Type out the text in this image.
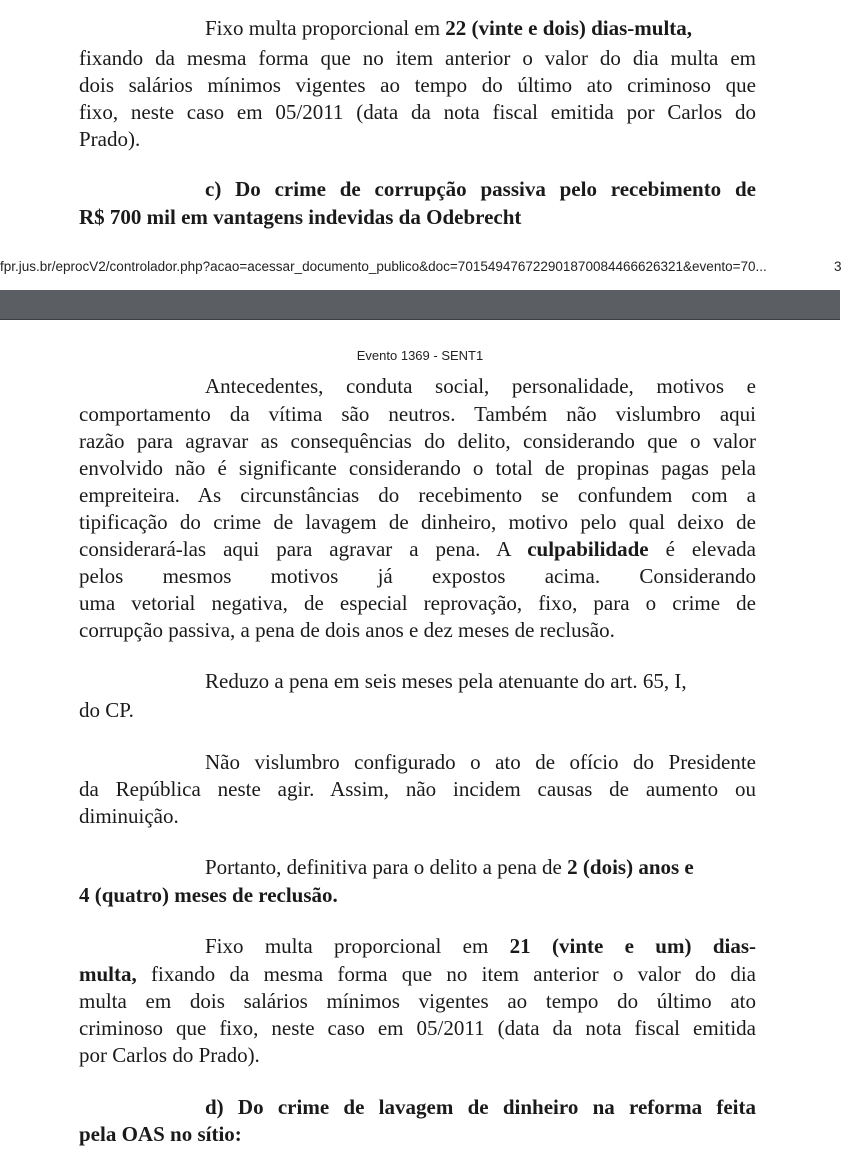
Fixo multa proporcional em 22 (vinte e dois) dias-multa,
fixando da mesma forma que no item anterior o valor do dia multa em
dois salários mínimos vigentes ao tempo do último ato criminoso que
fixo, neste caso em 05/2011 (data da nota fiscal emitida por Carlos do
Prado).
c) Do crime de corrupção passiva pelo recebimento de
R$ 700 mil em vantagens indevidas da Odebrecht
fpr.jus.br/eprocV2/controlador.php?acao=acessar_documento_publico&doc=701549476722901870084466626321&evento=70...	3
Evento 1369 - SENT1
Antecedentes, conduta social, personalidade, motivos e
comportamento da vítima são neutros. Também não vislumbro aqui
razão para agravar as consequências do delito, considerando que o valor
envolvido não é significante considerando o total de propinas pagas pela
empreiteira. As circunstâncias do recebimento se confundem com a
tipificação do crime de lavagem de dinheiro, motivo pelo qual deixo de
considerará-las aqui para agravar a pena. A culpabilidade é elevada
pelos mesmos motivos já expostos acima. Considerando
uma vetorial negativa, de especial reprovação, fixo, para o crime de
corrupção passiva, a pena de dois anos e dez meses de reclusão.
Reduzo a pena em seis meses pela atenuante do art. 65, I,
do CP.
Não vislumbro configurado o ato de ofício do Presidente
da República neste agir. Assim, não incidem causas de aumento ou
diminuição.
Portanto, definitiva para o delito a pena de 2 (dois) anos e
4 (quatro) meses de reclusão.
Fixo multa proporcional em 21 (vinte e um) dias-
multa, fixando da mesma forma que no item anterior o valor do dia
multa em dois salários mínimos vigentes ao tempo do último ato
criminoso que fixo, neste caso em 05/2011 (data da nota fiscal emitida
por Carlos do Prado).
d) Do crime de lavagem de dinheiro na reforma feita
pela OAS no sítio:
